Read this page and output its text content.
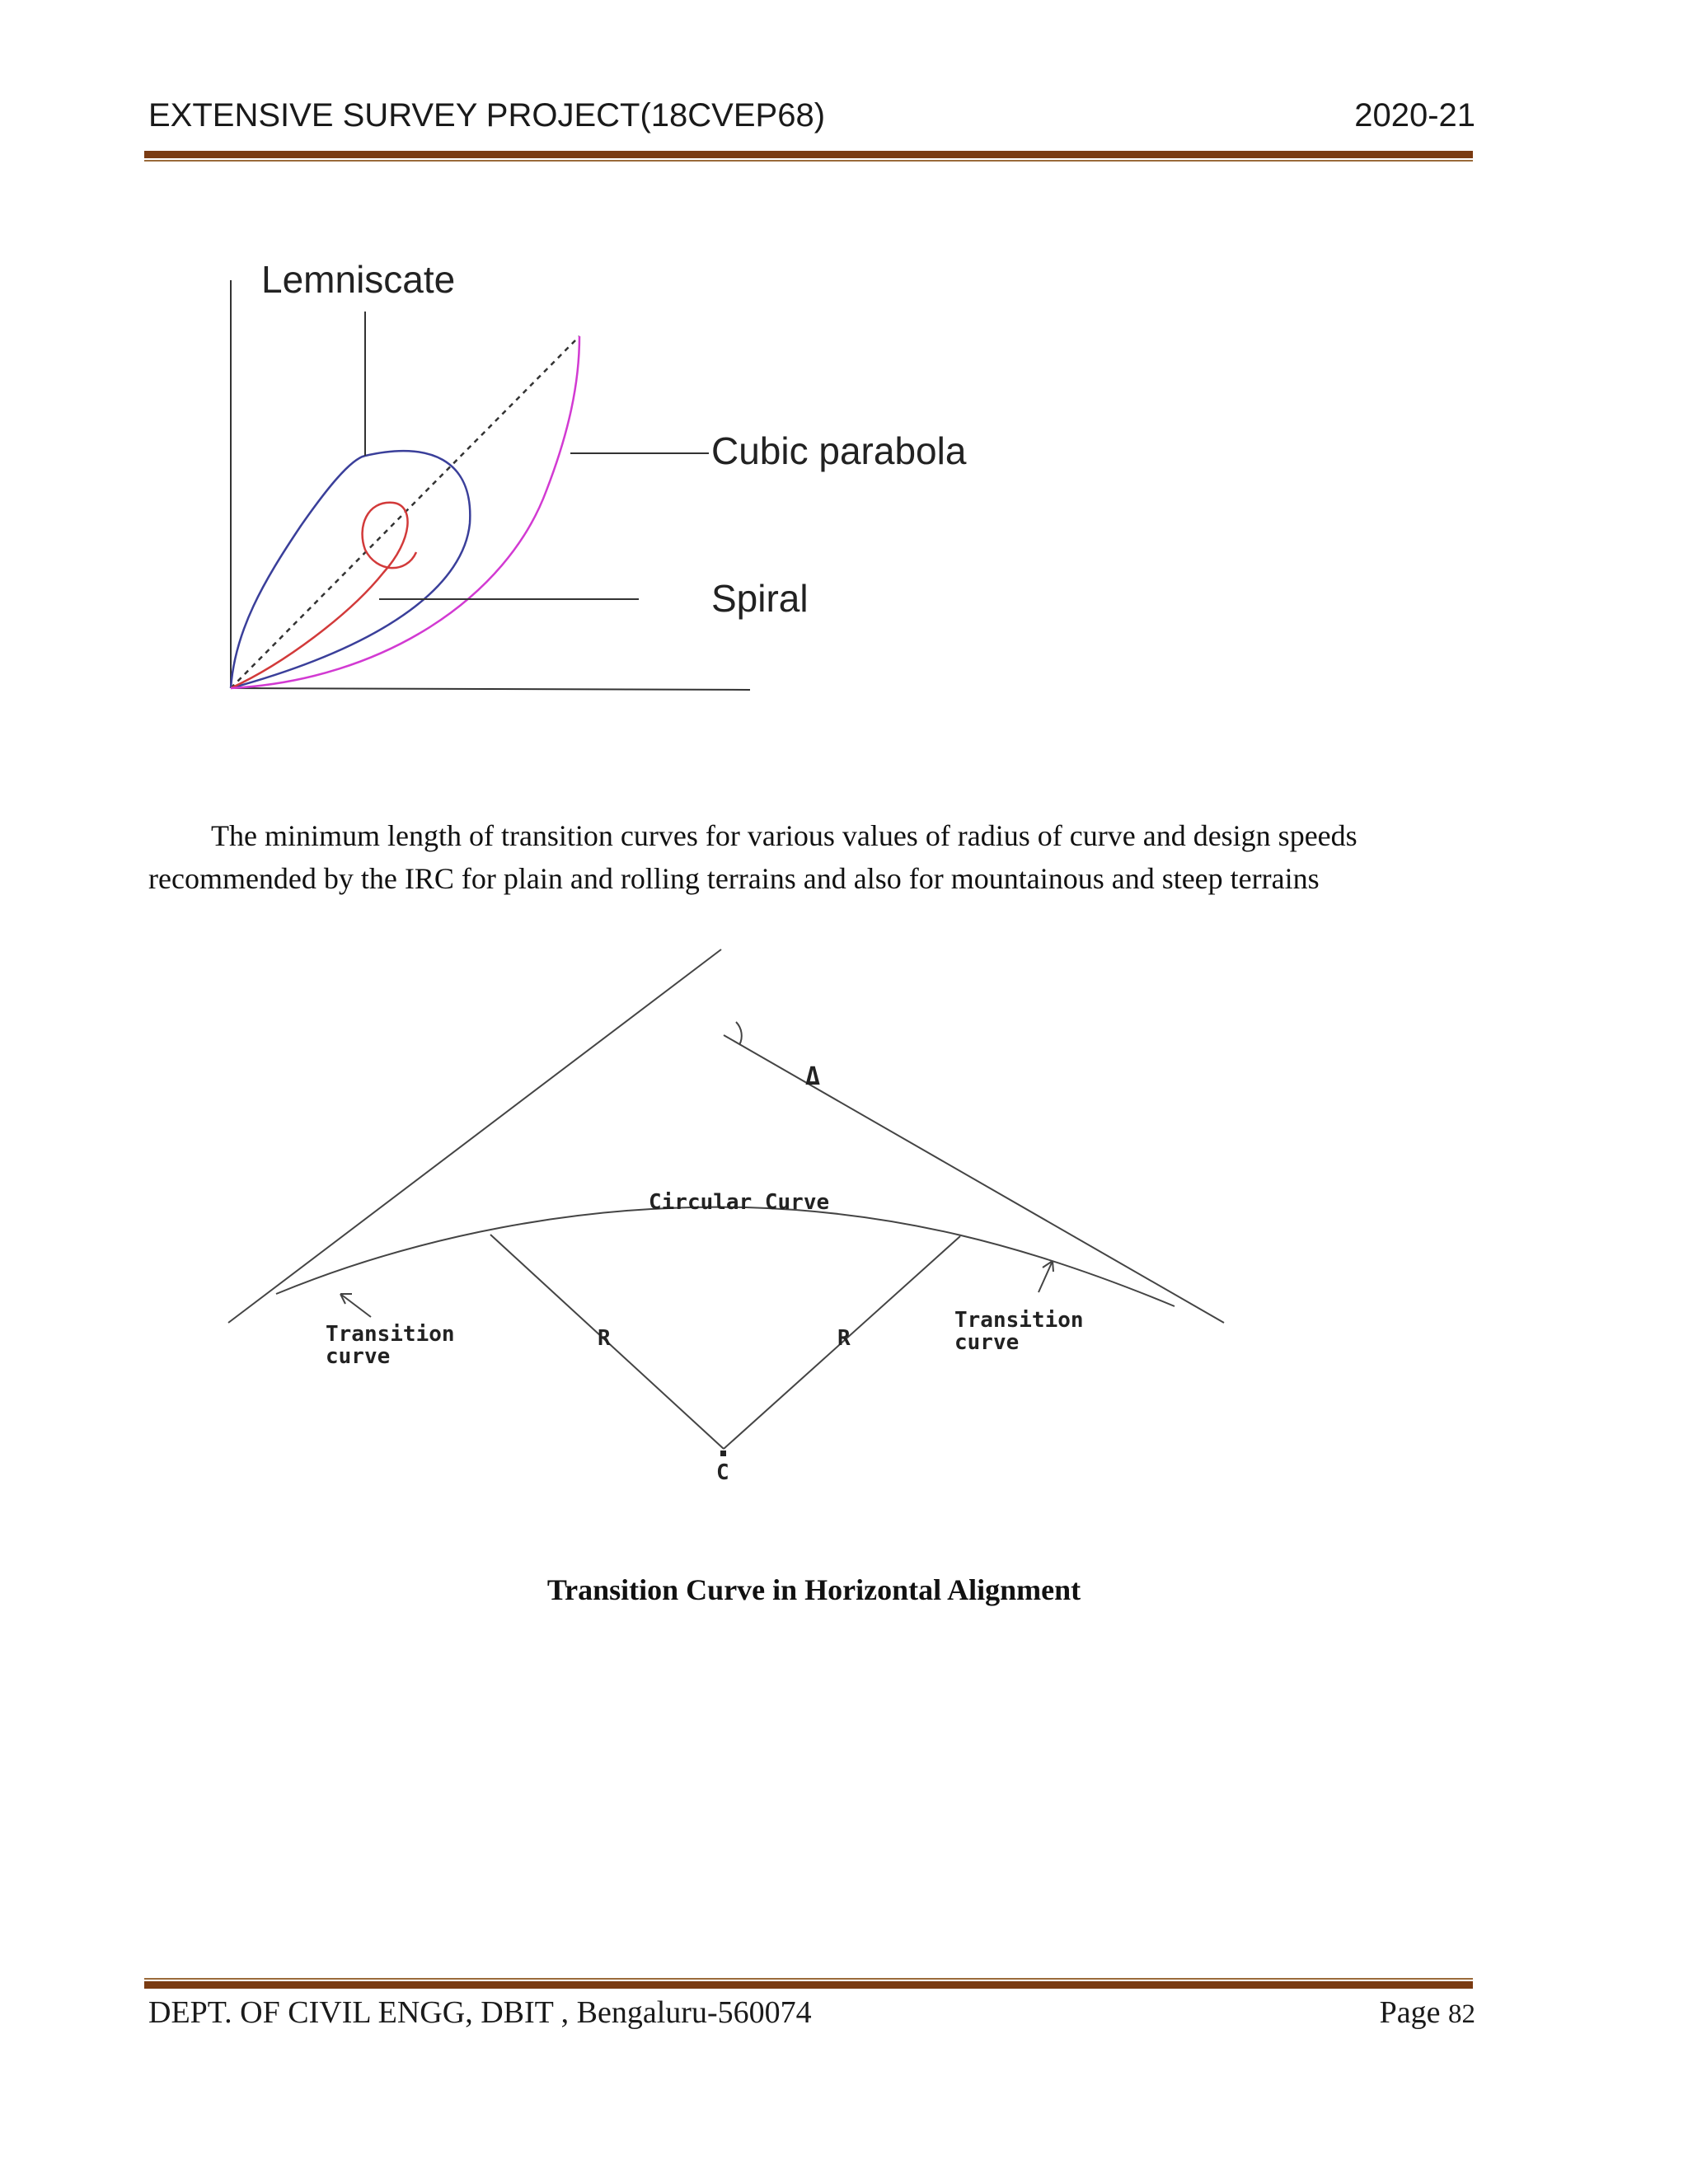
EXTENSIVE SURVEY PROJECT(18CVEP68)	2020-21
Lemniscate
Cubic parabola
Spiral
The minimum length of transition curves for various values of radius of curve and design speeds recommended by the IRC for plain and rolling terrains and also for mountainous and steep terrains
Δ
Circular Curve
Transition
curve
Transition
curve
R	R
C
Transition Curve in Horizontal Alignment
DEPT. OF CIVIL ENGG, DBIT , Bengaluru-560074	Page 82
